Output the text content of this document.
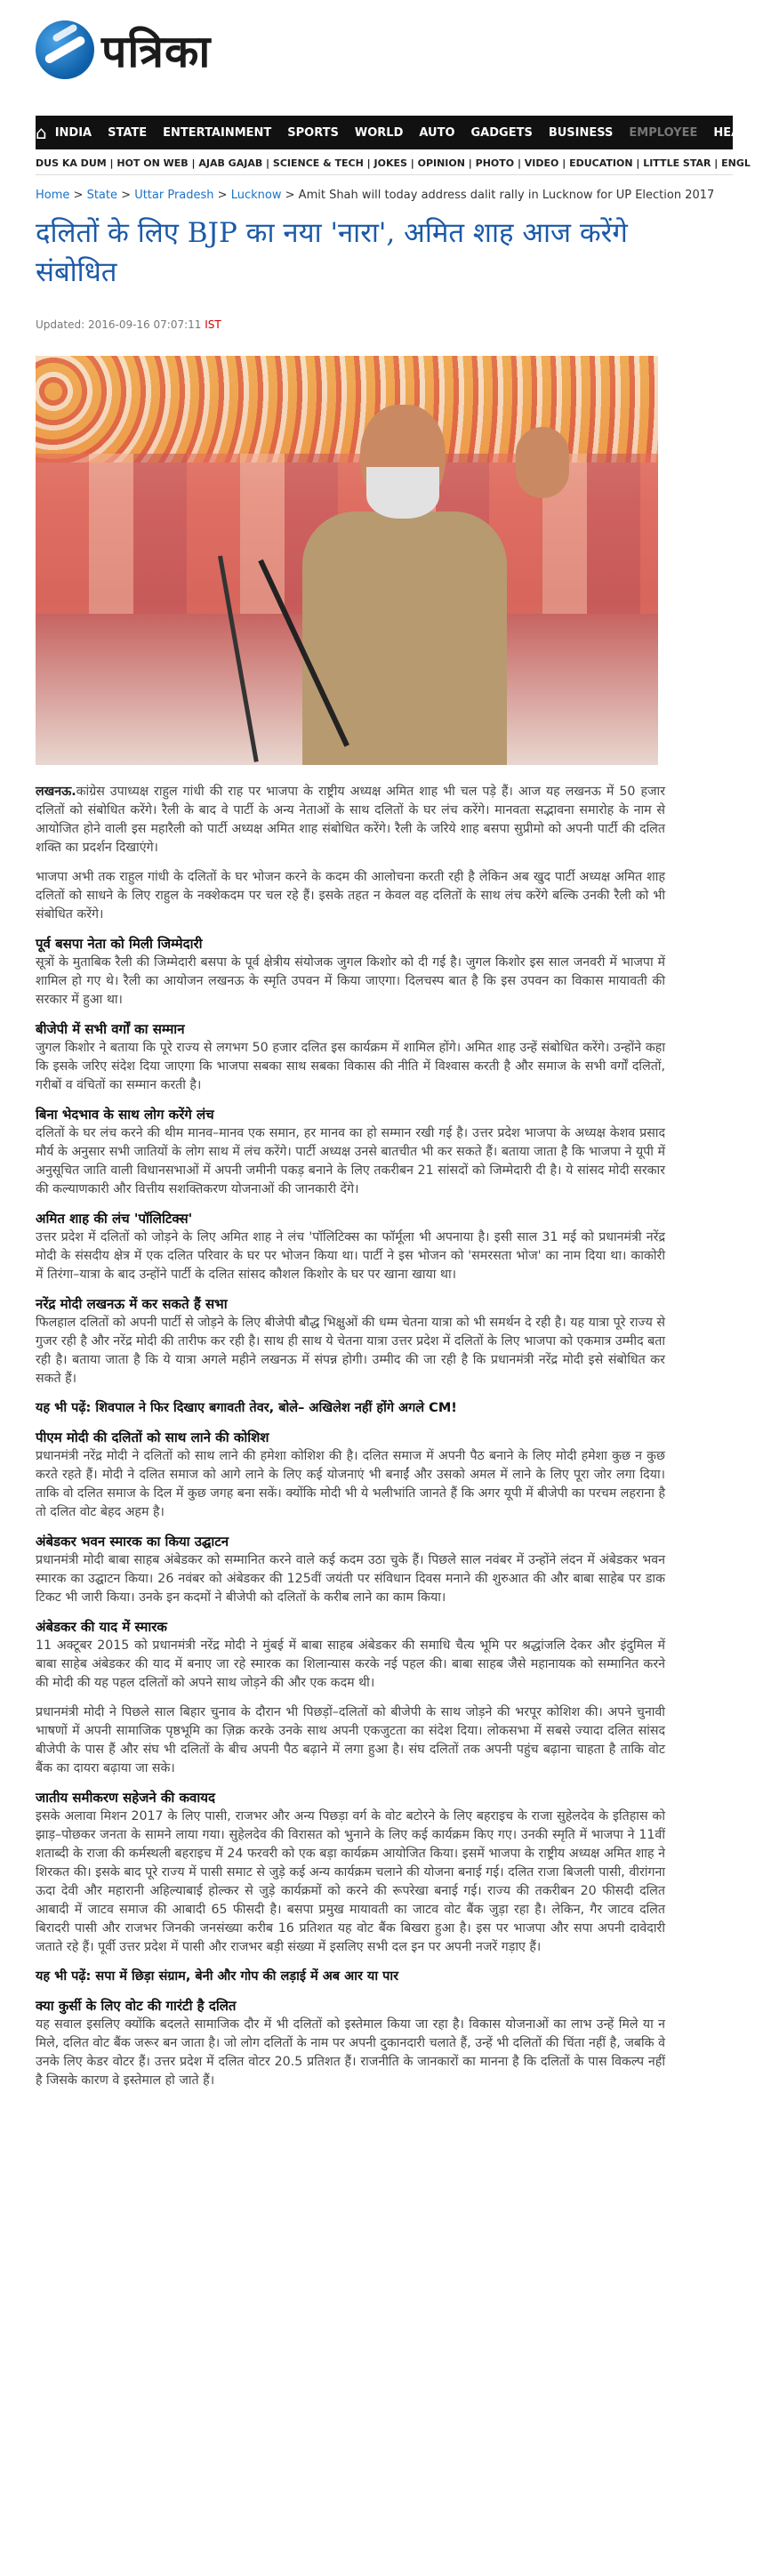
पत्रिका
⌂ INDIA	STATE	ENTERTAINMENT	SPORTS	WORLD	AUTO	GADGETS	BUSINESS	EMPLOYEE	HEALTH
DUS KA DUM | HOT ON WEB | AJAB GAJAB | SCIENCE & TECH | JOKES | OPINION | PHOTO | VIDEO | EDUCATION | LITTLE STAR | ENGL
Home > State > Uttar Pradesh > Lucknow > Amit Shah will today address dalit rally in Lucknow for UP Election 2017
दलितों के लिए BJP का नया 'नारा', अमित शाह आज करेंगे संबोधित
Updated: 2016-09-16 07:07:11 IST

लखनऊ.कांग्रेस उपाध्यक्ष राहुल गांधी की राह पर भाजपा के राष्ट्रीय अध्यक्ष अमित शाह भी चल पड़े हैं। आज यह लखनऊ में 50 हजार दलितों को संबोधित करेंगे। रैली के बाद वे पार्टी के अन्य नेताओं के साथ दलितों के घर लंच करेंगे। मानवता सद्भावना समारोह के नाम से आयोजित होने वाली इस महारैली को पार्टी अध्यक्ष अमित शाह संबोधित करेंगे। रैली के जरिये शाह बसपा सुप्रीमो को अपनी पार्टी की दलित शक्ति का प्रदर्शन दिखाएंगे।

भाजपा अभी तक राहुल गांधी के दलितों के घर भोजन करने के कदम की आलोचना करती रही है लेकिन अब खुद पार्टी अध्यक्ष अमित शाह दलितों को साधने के लिए राहुल के नक्शेकदम पर चल रहे हैं। इसके तहत न केवल वह दलितों के साथ लंच करेंगे बल्कि उनकी रैली को भी संबोधित करेंगे।

पूर्व बसपा नेता को मिली जिम्मेदारी

सूत्रों के मुताबिक रैली की जिम्मेदारी बसपा के पूर्व क्षेत्रीय संयोजक जुगल किशोर को दी गई है। जुगल किशोर इस साल जनवरी में भाजपा में शामिल हो गए थे। रैली का आयोजन लखनऊ के स्मृति उपवन में किया जाएगा। दिलचस्प बात है कि इस उपवन का विकास मायावती की सरकार में हुआ था।

बीजेपी में सभी वर्गों का सम्मान

जुगल किशोर ने बताया कि पूरे राज्य से लगभग 50 हजार दलित इस कार्यक्रम में शामिल होंगे। अमित शाह उन्हें संबोधित करेंगे। उन्होंने कहा कि इसके जरिए संदेश दिया जाएगा कि भाजपा सबका साथ सबका विकास की नीति में विश्वास करती है और समाज के सभी वर्गों दलितों, गरीबों व वंचितों का सम्मान करती है।

बिना भेदभाव के साथ लोग करेंगे लंच

दलितों के घर लंच करने की थीम मानव–मानव एक समान, हर मानव का हो सम्मान रखी गई है। उत्तर प्रदेश भाजपा के अध्यक्ष केशव प्रसाद मौर्य के अनुसार सभी जातियों के लोग साथ में लंच करेंगे। पार्टी अध्यक्ष उनसे बातचीत भी कर सकते हैं। बताया जाता है कि भाजपा ने यूपी में अनुसूचित जाति वाली विधानसभाओं में अपनी जमीनी पकड़ बनाने के लिए तकरीबन 21 सांसदों को जिम्मेदारी दी है। ये सांसद मोदी सरकार की कल्याणकारी और वित्तीय सशक्तिकरण योजनाओं की जानकारी देंगे।

अमित शाह की लंच 'पॉलिटिक्स'

उत्तर प्रदेश में दलितों को जोड़ने के लिए अमित शाह ने लंच 'पॉलिटिक्स का फॉर्मूला भी अपनाया है। इसी साल 31 मई को प्रधानमंत्री नरेंद्र मोदी के संसदीय क्षेत्र में एक दलित परिवार के घर पर भोजन किया था। पार्टी ने इस भोजन को 'समरसता भोज' का नाम दिया था। काकोरी में तिरंगा–यात्रा के बाद उन्होंने पार्टी के दलित सांसद कौशल किशोर के घर पर खाना खाया था।

नरेंद्र मोदी लखनऊ में कर सकते हैं सभा

फिलहाल दलितों को अपनी पार्टी से जोड़ने के लिए बीजेपी बौद्ध भिक्षुओं की धम्म चेतना यात्रा को भी समर्थन दे रही है। यह यात्रा पूरे राज्य से गुजर रही है और नरेंद्र मोदी की तारीफ कर रही है। साथ ही साथ ये चेतना यात्रा उत्तर प्रदेश में दलितों के लिए भाजपा को एकमात्र उम्मीद बता रही है। बताया जाता है कि ये यात्रा अगले महीने लखनऊ में संपन्न होगी। उम्मीद की जा रही है कि प्रधानमंत्री नरेंद्र मोदी इसे संबोधित कर सकते हैं।

यह भी पढ़ें: शिवपाल ने फिर दिखाए बगावती तेवर, बोले– अखिलेश नहीं होंगे अगले CM!
पीएम मोदी की दलितों को साथ लाने की कोशिश

प्रधानमंत्री नरेंद्र मोदी ने दलितों को साथ लाने की हमेशा कोशिश की है। दलित समाज में अपनी पैठ बनाने के लिए मोदी हमेशा कुछ न कुछ करते रहते हैं। मोदी ने दलित समाज को आगे लाने के लिए कई योजनाएं भी बनाईं और उसको अमल में लाने के लिए पूरा जोर लगा दिया। ताकि वो दलित समाज के दिल में कुछ जगह बना सकें। क्योंकि मोदी भी ये भलीभांति जानते हैं कि अगर यूपी में बीजेपी का परचम लहराना है तो दलित वोट बेहद अहम है।

अंबेडकर भवन स्मारक का किया उद्घाटन

प्रधानमंत्री मोदी बाबा साहब अंबेडकर को सम्मानित करने वाले कई कदम उठा चुके हैं। पिछले साल नवंबर में उन्होंने लंदन में अंबेडकर भवन स्मारक का उद्घाटन किया। 26 नवंबर को अंबेडकर की 125वीं जयंती पर संविधान दिवस मनाने की शुरुआत की और बाबा साहेब पर डाक टिकट भी जारी किया। उनके इन कदमों ने बीजेपी को दलितों के करीब लाने का काम किया।

अंबेडकर की याद में स्मारक

11 अक्टूबर 2015 को प्रधानमंत्री नरेंद्र मोदी ने मुंबई में बाबा साहब अंबेडकर की समाधि चैत्य भूमि पर श्रद्धांजलि देकर और इंदुमिल में बाबा साहेब अंबेडकर की याद में बनाए जा रहे स्मारक का शिलान्यास करके नई पहल की। बाबा साहब जैसे महानायक को सम्मानित करने की मोदी की यह पहल दलितों को अपने साथ जोड़ने की और एक कदम थी।

प्रधानमंत्री मोदी ने पिछले साल बिहार चुनाव के दौरान भी पिछड़ों–दलितों को बीजेपी के साथ जोड़ने की भरपूर कोशिश की। अपने चुनावी भाषणों में अपनी सामाजिक पृष्ठभूमि का ज़िक्र करके उनके साथ अपनी एकजुटता का संदेश दिया। लोकसभा में सबसे ज्यादा दलित सांसद बीजेपी के पास हैं और संघ भी दलितों के बीच अपनी पैठ बढ़ाने में लगा हुआ है। संघ दलितों तक अपनी पहुंच बढ़ाना चाहता है ताकि वोट बैंक का दायरा बढ़ाया जा सके।

जातीय समीकरण सहेजने की कवायद

इसके अलावा मिशन 2017 के लिए पासी, राजभर और अन्य पिछड़ा वर्ग के वोट बटोरने के लिए बहराइच के राजा सुहेलदेव के इतिहास को झाड़–पोछकर जनता के सामने लाया गया। सुहेलदेव की विरासत को भुनाने के लिए कई कार्यक्रम किए गए। उनकी स्मृति में भाजपा ने 11वीं शताब्दी के राजा की कर्मस्थली बहराइच में 24 फरवरी को एक बड़ा कार्यक्रम आयोजित किया। इसमें भाजपा के राष्ट्रीय अध्यक्ष अमित शाह ने शिरकत की। इसके बाद पूरे राज्य में पासी समाट से जुड़े कई अन्य कार्यक्रम चलाने की योजना बनाई गई। दलित राजा बिजली पासी, वीरांगना ऊदा देवी और महारानी अहिल्याबाई होल्कर से जुड़े कार्यक्रमों को करने की रूपरेखा बनाई गई। राज्य की तकरीबन 20 फीसदी दलित आबादी में जाटव समाज की आबादी 65 फीसदी है। बसपा प्रमुख मायावती का जाटव वोट बैंक जुड़ा रहा है। लेकिन, गैर जाटव दलित बिरादरी पासी और राजभर जिनकी जनसंख्या करीब 16 प्रतिशत यह वोट बैंक बिखरा हुआ है। इस पर भाजपा और सपा अपनी दावेदारी जताते रहे हैं। पूर्वी उत्तर प्रदेश में पासी और राजभर बड़ी संख्या में इसलिए सभी दल इन पर अपनी नजरें गड़ाए हैं।

यह भी पढ़ें: सपा में छिड़ा संग्राम, बेनी और गोप की लड़ाई में अब आर या पार
क्या कुर्सी के लिए वोट की गारंटी है दलित

यह सवाल इसलिए क्योंकि बदलते सामाजिक दौर में भी दलितों को इस्तेमाल किया जा रहा है। विकास योजनाओं का लाभ उन्हें मिले या न मिले, दलित वोट बैंक जरूर बन जाता है। जो लोग दलितों के नाम पर अपनी दुकानदारी चलाते हैं, उन्हें भी दलितों की चिंता नहीं है, जबकि वे उनके लिए केडर वोटर हैं। उत्तर प्रदेश में दलित वोटर 20.5 प्रतिशत हैं। राजनीति के जानकारों का मानना है कि दलितों के पास विकल्प नहीं है जिसके कारण वे इस्तेमाल हो जाते हैं।
